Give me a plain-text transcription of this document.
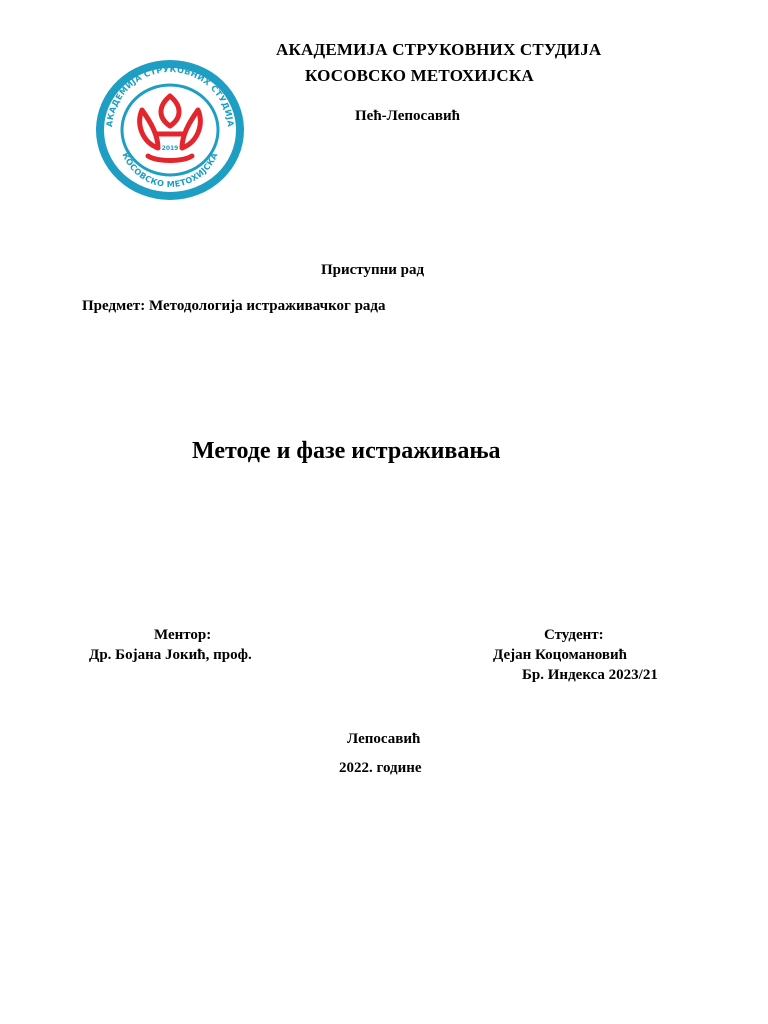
АКАДЕМИЈА СТРУКОВНИХ СТУДИЈА
КОСОВСКО МЕТОХИЈСКА
2019
АКАДЕМИЈА СТРУКОВНИХ СТУДИЈА
КОСОВСКО МЕТОХИЈСКА
Пећ-Лепосавић
Приступни рад
Предмет: Методологија истраживачког рада
Методе и фазе истраживања
Ментор:
Др. Бојана Јокић, проф.
Студент:
Дејан Коцомановић
Бр. Индекса 2023/21
Лепосавић
2022. године
